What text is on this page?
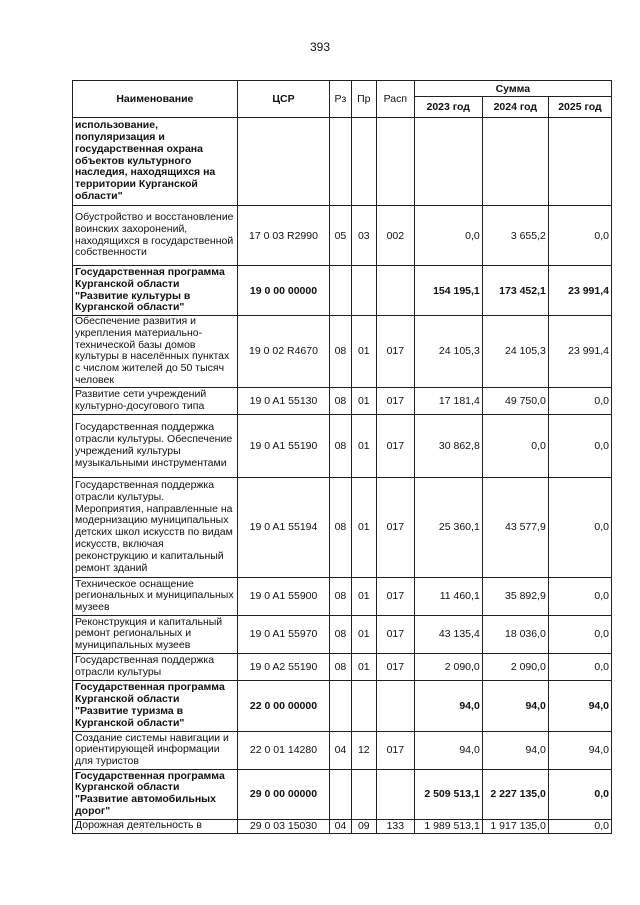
393
Наименование	ЦСР	Рз	Пр	Расп	Сумма		
					2023 год	2024 год	2025 год
использование, популяризация и государственная охрана объектов культурного наследия, находящихся на территории Курганской области"							
Обустройство и восстановление воинских захоронений, находящихся в государственной собственности	17 0 03 R2990	05	03	002	0,0	3 655,2	0,0
Государственная программа Курганской области "Развитие культуры в Курганской области"	19 0 00 00000				154 195,1	173 452,1	23 991,4
Обеспечение развития и укрепления материально-технической базы домов культуры в населённых пунктах с числом жителей до 50 тысяч человек	19 0 02 R4670	08	01	017	24 105,3	24 105,3	23 991,4
Развитие сети учреждений культурно-досугового типа	19 0 A1 55130	08	01	017	17 181,4	49 750,0	0,0
Государственная поддержка отрасли культуры. Обеспечение учреждений культуры музыкальными инструментами	19 0 A1 55190	08	01	017	30 862,8	0,0	0,0
Государственная поддержка отрасли культуры. Мероприятия, направленные на модернизацию муниципальных детских школ искусств по видам искусств, включая реконструкцию и капитальный ремонт зданий	19 0 A1 55194	08	01	017	25 360,1	43 577,9	0,0
Техническое оснащение региональных и муниципальных музеев	19 0 A1 55900	08	01	017	11 460,1	35 892,9	0,0
Реконструкция и капитальный ремонт региональных и муниципальных музеев	19 0 A1 55970	08	01	017	43 135,4	18 036,0	0,0
Государственная поддержка отрасли культуры	19 0 A2 55190	08	01	017	2 090,0	2 090,0	0,0
Государственная программа Курганской области "Развитие туризма в Курганской области"	22 0 00 00000				94,0	94,0	94,0
Создание системы навигации и ориентирующей информации для туристов	22 0 01 14280	04	12	017	94,0	94,0	94,0
Государственная программа Курганской области "Развитие автомобильных дорог"	29 0 00 00000				2 509 513,1	2 227 135,0	0,0
Дорожная деятельность в	29 0 03 15030	04	09	133	1 989 513,1	1 917 135,0	0,0
